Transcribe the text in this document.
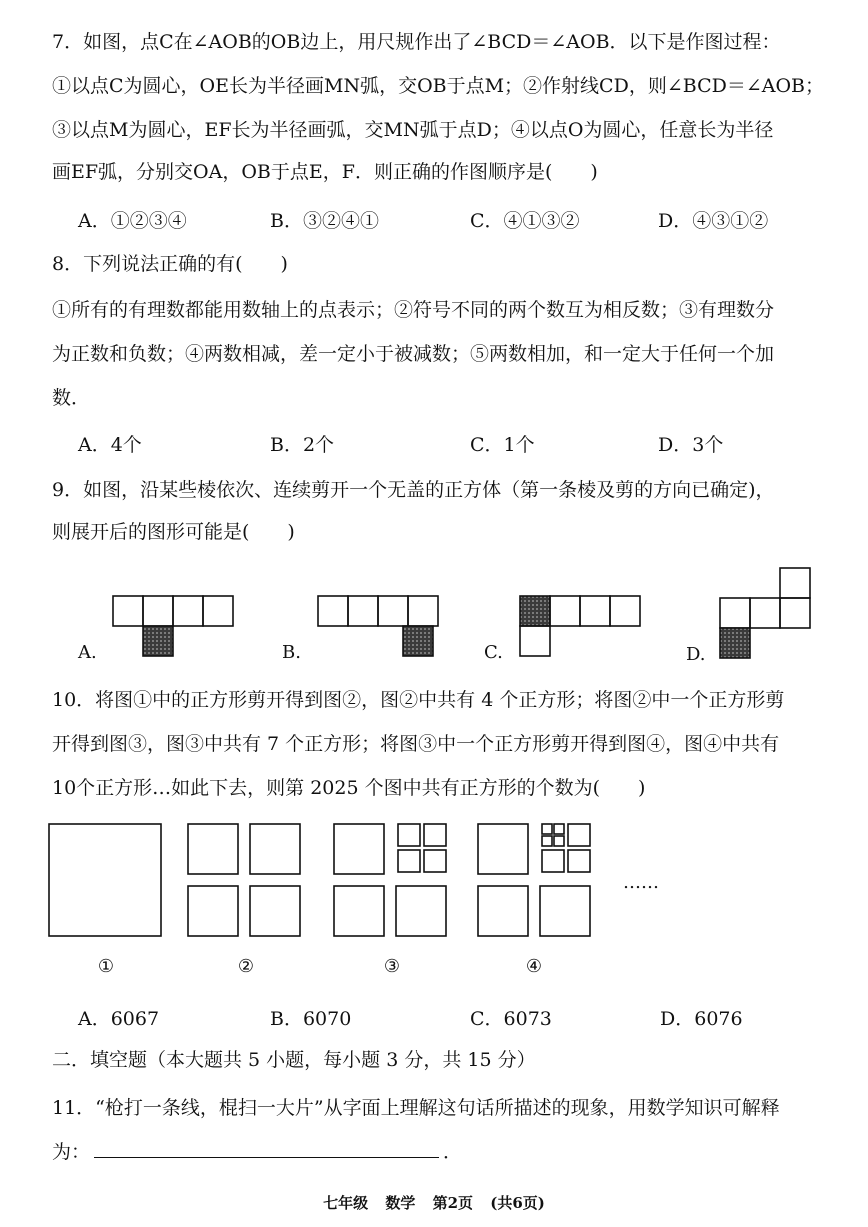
7．如图，点C在∠AOB的OB边上，用尺规作出了∠BCD＝∠AOB．以下是作图过程：
①以点C为圆心，OE长为半径画MN弧，交OB于点M；②作射线CD，则∠BCD＝∠AOB；
③以点M为圆心，EF长为半径画弧，交MN弧于点D；④以点O为圆心，任意长为半径
画EF弧，分别交OA，OB于点E，F．则正确的作图顺序是(　　)
A．①②③④	B．③②④①	C．④①③②	D．④③①②
8．下列说法正确的有(　　)
①所有的有理数都能用数轴上的点表示；②符号不同的两个数互为相反数；③有理数分
为正数和负数；④两数相减，差一定小于被减数；⑤两数相加，和一定大于任何一个加
数．
A．4个	B．2个	C．1个	D．3个
9．如图，沿某些棱依次、连续剪开一个无盖的正方体（第一条棱及剪的方向已确定)，
则展开后的图形可能是(　　)
A.	B.	C.	D.
10．将图①中的正方形剪开得到图②，图②中共有 4 个正方形；将图②中一个正方形剪
开得到图③，图③中共有 7 个正方形；将图③中一个正方形剪开得到图④，图④中共有
10个正方形…如此下去，则第 2025 个图中共有正方形的个数为(　　)
①	②	③	④
……
A．6067	B．6070	C．6073	D．6076
二．填空题（本大题共 5 小题，每小题 3 分，共 15 分）
11．“枪打一条线，棍扫一大片”从字面上理解这句话所描述的现象，用数学知识可解释
为：	．
七年级 数学 第2页 (共6页)
